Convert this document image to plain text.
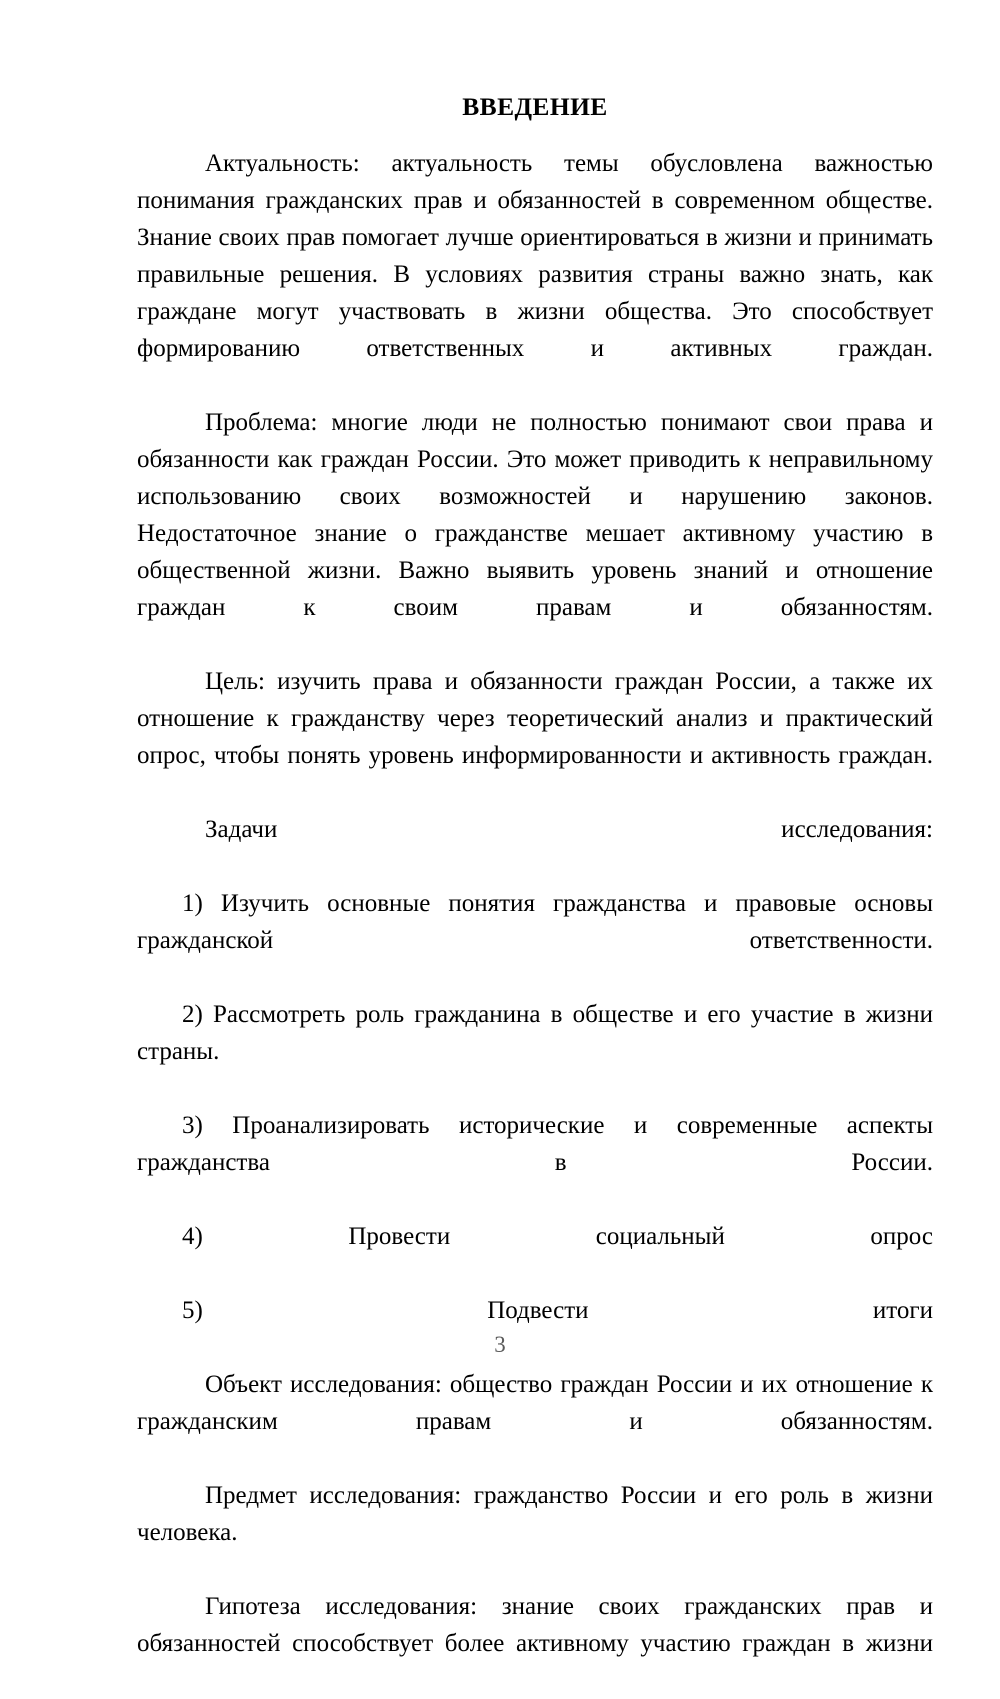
ВВЕДЕНИЕ

Актуальность: актуальность темы обусловлена важностью понимания гражданских прав и обязанностей в современном обществе. Знание своих прав помогает лучше ориентироваться в жизни и принимать правильные решения. В условиях развития страны важно знать, как граждане могут участвовать в жизни общества. Это способствует формированию ответственных и активных граждан.

Проблема: многие люди не полностью понимают свои права и обязанности как граждан России. Это может приводить к неправильному использованию своих возможностей и нарушению законов. Недостаточное знание о гражданстве мешает активному участию в общественной жизни. Важно выявить уровень знаний и отношение граждан к своим правам и обязанностям.

Цель: изучить права и обязанности граждан России, а также их отношение к гражданству через теоретический анализ и практический опрос, чтобы понять уровень информированности и активность граждан.

Задачи исследования:

1) Изучить основные понятия гражданства и правовые основы гражданской ответственности.

2) Рассмотреть роль гражданина в обществе и его участие в жизни страны.

3) Проанализировать исторические и современные аспекты гражданства в России.

4) Провести социальный опрос

5) Подвести итоги

Объект исследования: общество граждан России и их отношение к гражданским правам и обязанностям.

Предмет исследования: гражданство России и его роль в жизни человека.

Гипотеза исследования: знание своих гражданских прав и обязанностей способствует более активному участию граждан в жизни

3
